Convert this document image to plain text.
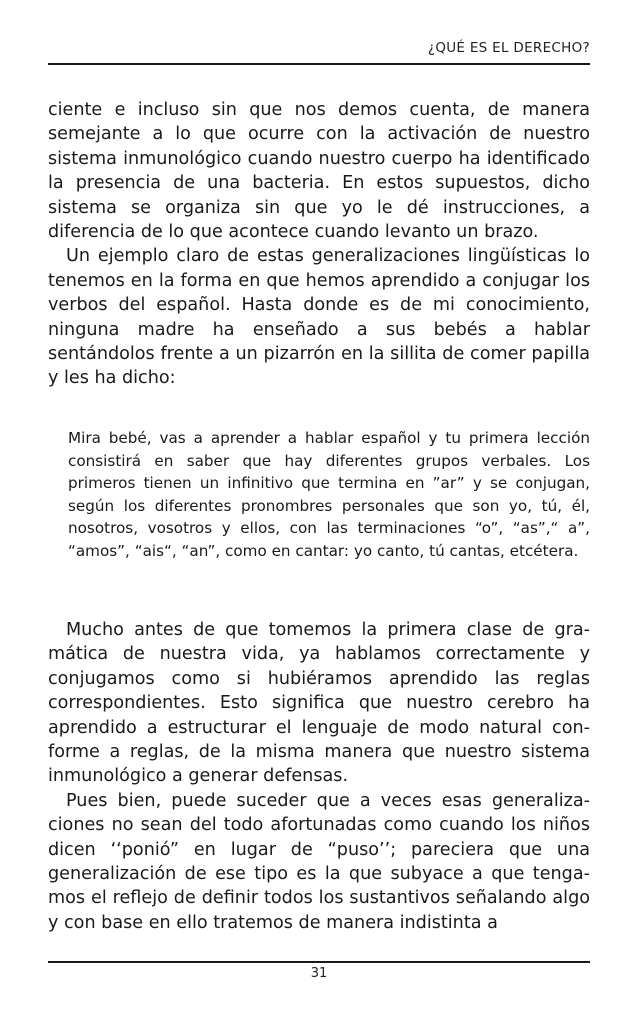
¿QUÉ ES EL DERECHO?

ciente e incluso sin que nos demos cuenta, de manera semejante a lo que ocurre con la activación de nuestro sistema inmunológico cuando nuestro cuerpo ha identificado la presencia de una bacteria. En estos supuestos, dicho sistema se organiza sin que yo le dé instrucciones, a diferencia de lo que acontece cuando levanto un brazo.

Un ejemplo claro de estas generalizaciones lingüísticas lo tenemos en la forma en que hemos aprendido a conjugar los verbos del español. Hasta donde es de mi conocimiento, ninguna madre ha enseñado a sus bebés a hablar sentándolos frente a un pizarrón en la sillita de comer papilla y les ha dicho:

Mira bebé, vas a aprender a hablar español y tu primera lección consistirá en saber que hay diferentes grupos verbales. Los primeros tienen un infinitivo que termina en ”ar” y se conjugan, según los diferentes pronombres personales que son yo, tú, él, nosotros, vosotros y ellos, con las terminaciones “o”, “as”,“ a”, “amos”, “ais“, “an”, como en cantar: yo canto, tú cantas, etcétera.

Mucho antes de que tomemos la primera clase de gramática de nuestra vida, ya hablamos correctamente y conjugamos como si hubiéramos aprendido las reglas correspondientes. Esto significa que nuestro cerebro ha aprendido a estructurar el lenguaje de modo natural conforme a reglas, de la misma manera que nuestro sistema inmunológico a generar defensas.

Pues bien, puede suceder que a veces esas generalizaciones no sean del todo afortunadas como cuando los niños dicen ‘‘ponió” en lugar de “puso’’; pareciera que una generalización de ese tipo es la que subyace a que tengamos el reflejo de definir todos los sustantivos señalando algo y con base en ello tratemos de manera indistinta a

31
